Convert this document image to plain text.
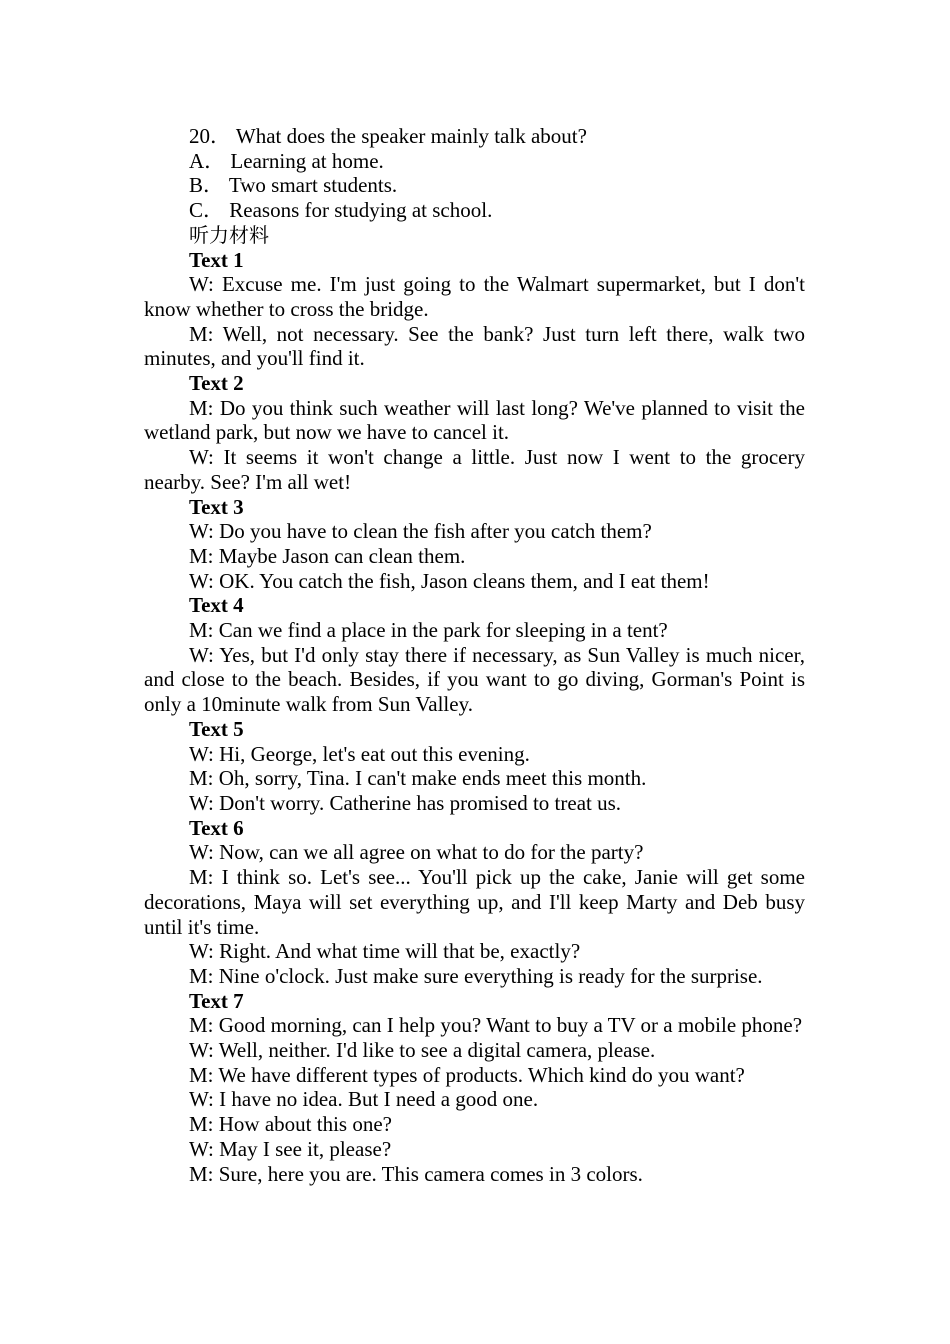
20． What does the speaker mainly talk about?

A． Learning at home.

B． Two smart students.

C． Reasons for studying at school.

听力材料

Text 1

W: Excuse me. I'm just going to the Walmart supermarket, but I don't know whether to cross the bridge.

M: Well, not necessary. See the bank? Just turn left there, walk two minutes, and you'll find it.

Text 2

M: Do you think such weather will last long? We've planned to visit the wetland park, but now we have to cancel it.

W: It seems it won't change a little. Just now I went to the grocery nearby. See? I'm all wet!

Text 3

W: Do you have to clean the fish after you catch them?

M: Maybe Jason can clean them.

W: OK. You catch the fish, Jason cleans them, and I eat them!

Text 4

M: Can we find a place in the park for sleeping in a tent?

W: Yes, but I'd only stay there if necessary, as Sun Valley is much nicer, and close to the beach. Besides, if you want to go diving, Gorman's Point is only a 10minute walk from Sun Valley.

Text 5

W: Hi, George, let's eat out this evening.

M: Oh, sorry, Tina. I can't make ends meet this month.

W: Don't worry. Catherine has promised to treat us.

Text 6

W: Now, can we all agree on what to do for the party?

M: I think so. Let's see... You'll pick up the cake, Janie will get some decorations, Maya will set everything up, and I'll keep Marty and Deb busy until it's time.

W: Right. And what time will that be, exactly?

M: Nine o'clock. Just make sure everything is ready for the surprise.

Text 7

M: Good morning, can I help you? Want to buy a TV or a mobile phone?

W: Well, neither. I'd like to see a digital camera, please.

M: We have different types of products. Which kind do you want?

W: I have no idea. But I need a good one.

M: How about this one?

W: May I see it, please?

M: Sure, here you are. This camera comes in 3 colors.
